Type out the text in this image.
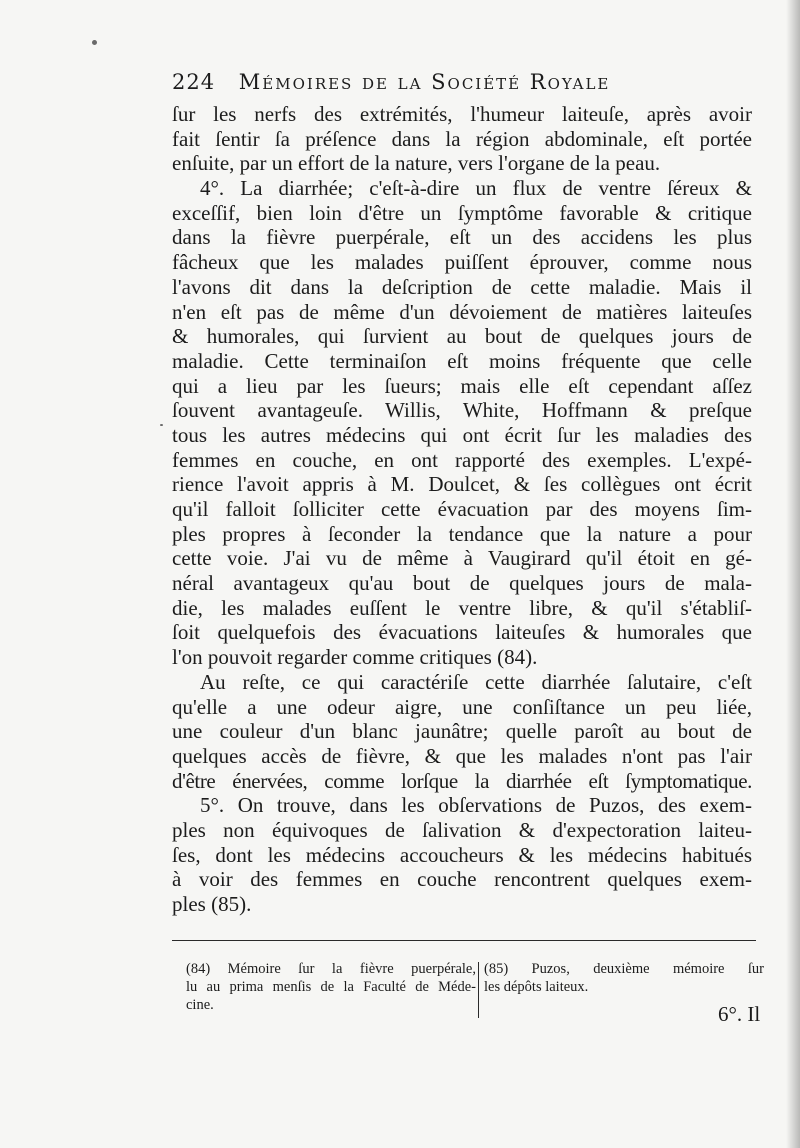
224 Mémoires de la Société Royale
ſur les nerfs des extrémités, l'humeur laiteuſe, après avoir
fait ſentir ſa préſence dans la région abdominale, eſt portée
enſuite, par un effort de la nature, vers l'organe de la peau.
4°. La diarrhée; c'eſt-à-dire un flux de ventre ſéreux &
exceſſif, bien loin d'être un ſymptôme favorable & critique
dans la fièvre puerpérale, eſt un des accidens les plus
fâcheux que les malades puiſſent éprouver, comme nous
l'avons dit dans la deſcription de cette maladie. Mais il
n'en eſt pas de même d'un dévoiement de matières laiteuſes
& humorales, qui ſurvient au bout de quelques jours de
maladie. Cette terminaiſon eſt moins fréquente que celle
qui a lieu par les ſueurs; mais elle eſt cependant aſſez
ſouvent avantageuſe. Willis, White, Hoffmann & preſque
tous les autres médecins qui ont écrit ſur les maladies des
femmes en couche, en ont rapporté des exemples. L'expé-
rience l'avoit appris à M. Doulcet, & ſes collègues ont écrit
qu'il falloit ſolliciter cette évacuation par des moyens ſim-
ples propres à ſeconder la tendance que la nature a pour
cette voie. J'ai vu de même à Vaugirard qu'il étoit en gé-
néral avantageux qu'au bout de quelques jours de mala-
die, les malades euſſent le ventre libre, & qu'il s'établiſ-
ſoit quelquefois des évacuations laiteuſes & humorales que
l'on pouvoit regarder comme critiques (84).
Au reſte, ce qui caractériſe cette diarrhée ſalutaire, c'eſt
qu'elle a une odeur aigre, une conſiſtance un peu liée,
une couleur d'un blanc jaunâtre; quelle paroît au bout de
quelques accès de fièvre, & que les malades n'ont pas l'air
d'être énervées, comme lorſque la diarrhée eſt ſymptomatique.
5°. On trouve, dans les obſervations de Puzos, des exem-
ples non équivoques de ſalivation & d'expectoration laiteu-
ſes, dont les médecins accoucheurs & les médecins habitués
à voir des femmes en couche rencontrent quelques exem-
ples (85).
(84) Mémoire ſur la fièvre puerpérale,
lu au prima menſis de la Faculté de Méde-
cine.
(85) Puzos, deuxième mémoire ſur
les dépôts laiteux.
6°. Il
